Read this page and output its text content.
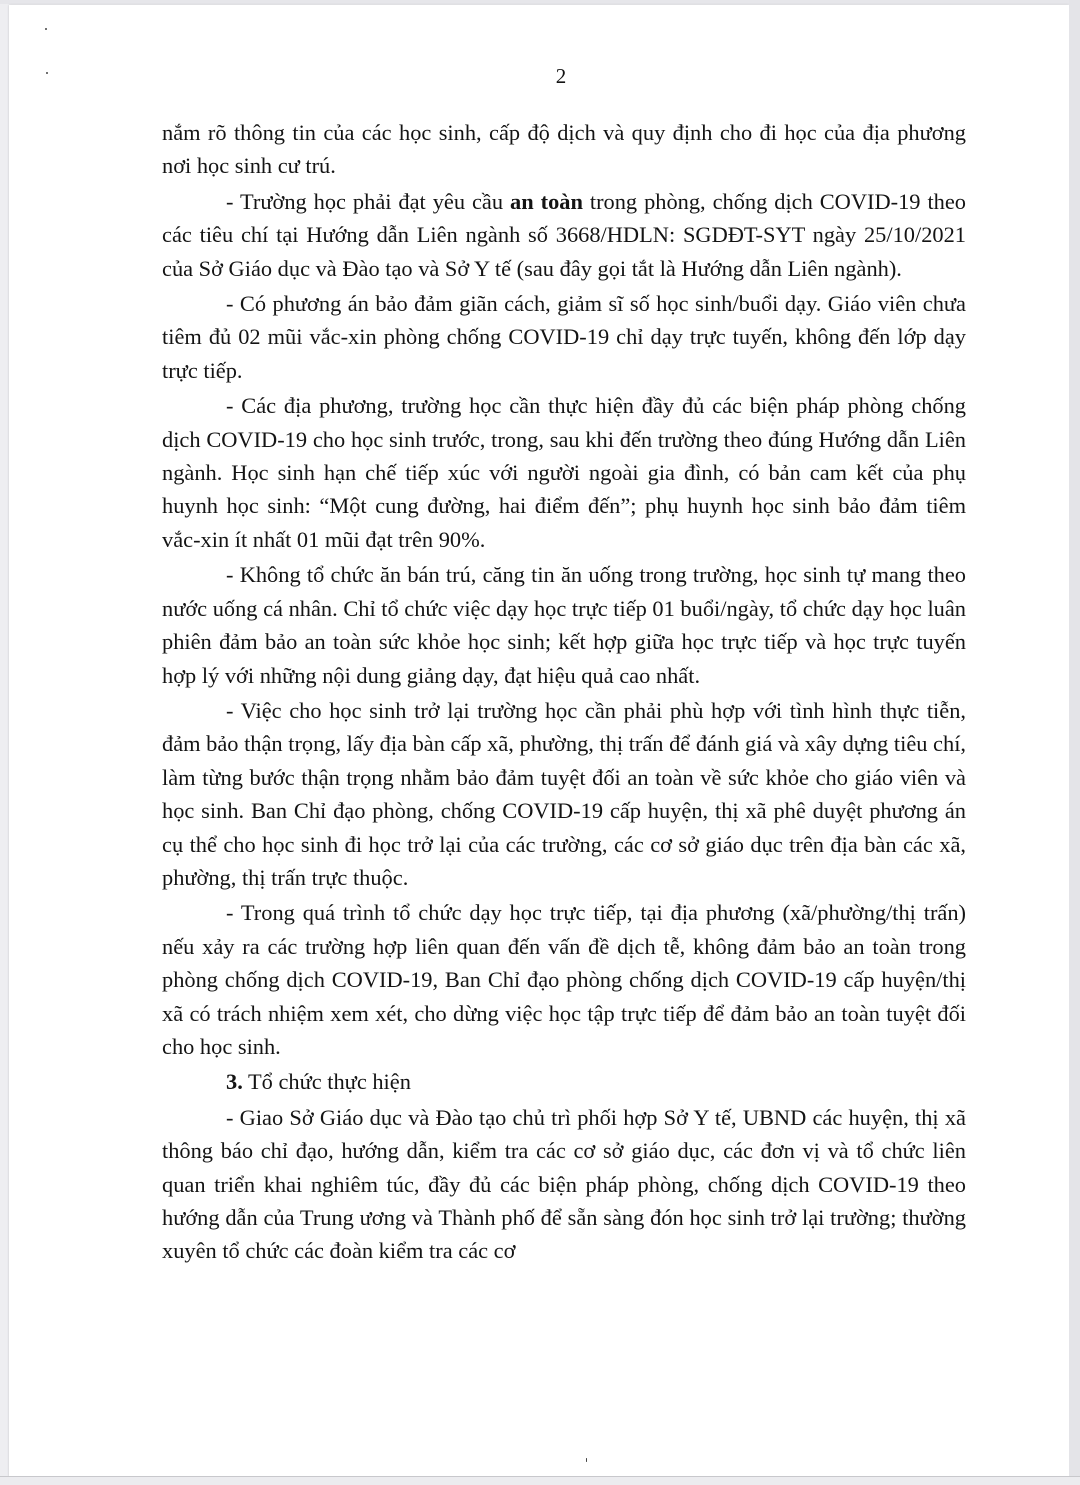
2

nắm rõ thông tin của các học sinh, cấp độ dịch và quy định cho đi học của địa phương nơi học sinh cư trú.

- Trường học phải đạt yêu cầu an toàn trong phòng, chống dịch COVID-19 theo các tiêu chí tại Hướng dẫn Liên ngành số 3668/HDLN: SGDĐT-SYT ngày 25/10/2021 của Sở Giáo dục và Đào tạo và Sở Y tế (sau đây gọi tắt là Hướng dẫn Liên ngành).

- Có phương án bảo đảm giãn cách, giảm sĩ số học sinh/buổi dạy. Giáo viên chưa tiêm đủ 02 mũi vắc-xin phòng chống COVID-19 chỉ dạy trực tuyến, không đến lớp dạy trực tiếp.

- Các địa phương, trường học cần thực hiện đầy đủ các biện pháp phòng chống dịch COVID-19 cho học sinh trước, trong, sau khi đến trường theo đúng Hướng dẫn Liên ngành. Học sinh hạn chế tiếp xúc với người ngoài gia đình, có bản cam kết của phụ huynh học sinh: “Một cung đường, hai điểm đến”; phụ huynh học sinh bảo đảm tiêm vắc-xin ít nhất 01 mũi đạt trên 90%.

- Không tổ chức ăn bán trú, căng tin ăn uống trong trường, học sinh tự mang theo nước uống cá nhân. Chỉ tổ chức việc dạy học trực tiếp 01 buổi/ngày, tổ chức dạy học luân phiên đảm bảo an toàn sức khỏe học sinh; kết hợp giữa học trực tiếp và học trực tuyến hợp lý với những nội dung giảng dạy, đạt hiệu quả cao nhất.

- Việc cho học sinh trở lại trường học cần phải phù hợp với tình hình thực tiễn, đảm bảo thận trọng, lấy địa bàn cấp xã, phường, thị trấn để đánh giá và xây dựng tiêu chí, làm từng bước thận trọng nhằm bảo đảm tuyệt đối an toàn về sức khỏe cho giáo viên và học sinh. Ban Chỉ đạo phòng, chống COVID-19 cấp huyện, thị xã phê duyệt phương án cụ thể cho học sinh đi học trở lại của các trường, các cơ sở giáo dục trên địa bàn các xã, phường, thị trấn trực thuộc.

- Trong quá trình tổ chức dạy học trực tiếp, tại địa phương (xã/phường/thị trấn) nếu xảy ra các trường hợp liên quan đến vấn đề dịch tễ, không đảm bảo an toàn trong phòng chống dịch COVID-19, Ban Chỉ đạo phòng chống dịch COVID-19 cấp huyện/thị xã có trách nhiệm xem xét, cho dừng việc học tập trực tiếp để đảm bảo an toàn tuyệt đối cho học sinh.

3. Tổ chức thực hiện

- Giao Sở Giáo dục và Đào tạo chủ trì phối hợp Sở Y tế, UBND các huyện, thị xã thông báo chỉ đạo, hướng dẫn, kiểm tra các cơ sở giáo dục, các đơn vị và tổ chức liên quan triển khai nghiêm túc, đầy đủ các biện pháp phòng, chống dịch COVID-19 theo hướng dẫn của Trung ương và Thành phố để sẵn sàng đón học sinh trở lại trường; thường xuyên tổ chức các đoàn kiểm tra các cơ
